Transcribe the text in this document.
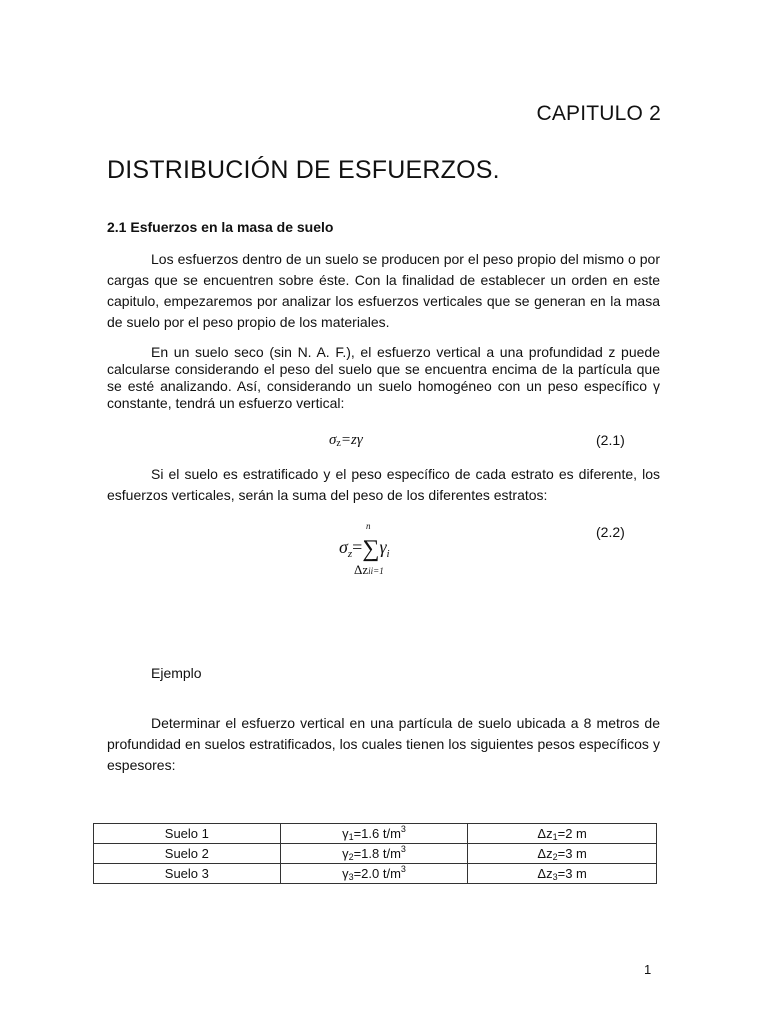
CAPITULO 2
DISTRIBUCIÓN DE ESFUERZOS.
2.1 Esfuerzos en la masa de suelo

Los esfuerzos dentro de un suelo se producen por el peso propio del mismo o por cargas que se encuentren sobre éste. Con la finalidad de establecer un orden en este capitulo, empezaremos por analizar los esfuerzos verticales que se generan en la masa de suelo por el peso propio de los materiales.

En un suelo seco (sin N. A. F.), el esfuerzo vertical a una profundidad z puede calcularse considerando el peso del suelo que se encuentra encima de la partícula que se esté analizando. Así, considerando un suelo homogéneo con un peso específico γ constante, tendrá un esfuerzo vertical:

$\sigma_z=z\gamma$	(2.1)

Si el suelo es estratificado y el peso específico de cada estrato es diferente, los esfuerzos verticales, serán la suma del peso de los diferentes estratos:

n
$\sigma_z=\sum\gamma_i$
Δzii=1
(2.2)
Ejemplo

Determinar el esfuerzo vertical en una partícula de suelo ubicada a 8 metros de profundidad en suelos estratificados, los cuales tienen los siguientes pesos específicos y espesores:

Suelo 1	$\gamma_1=1.6$ $t/m^3$	$\Delta z_1=2$ m
Suelo 2	$\gamma_2=1.8$ $t/m^3$	$\Delta z_2=3$ m
Suelo 3	$\gamma_3=2.0$ $t/m^3$	$\Delta z_3=3$ m
1
